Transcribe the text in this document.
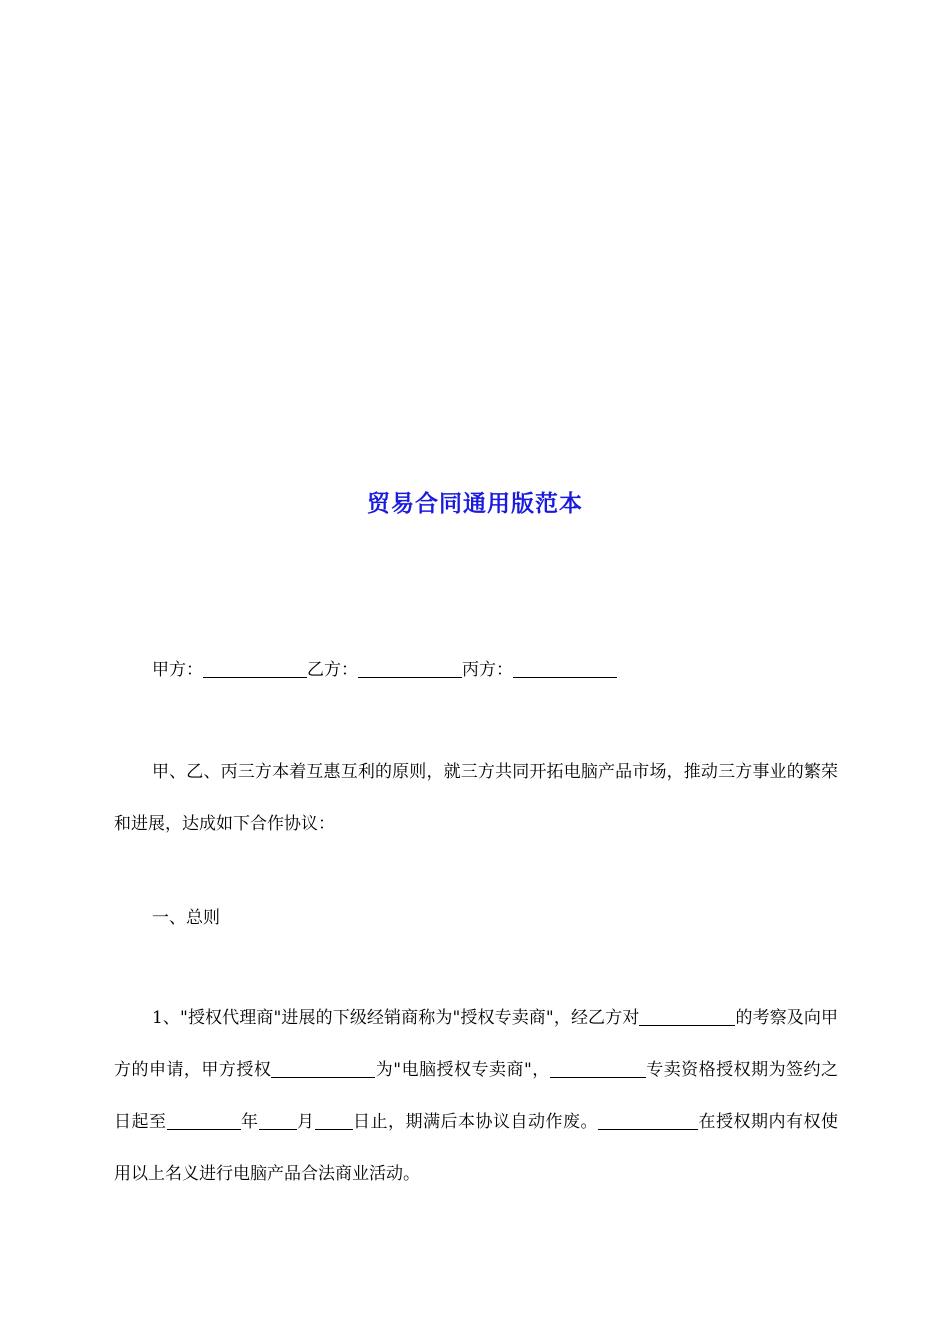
贸易合同通用版范本
甲方：	乙方：	丙方：
甲、乙、丙三方本着互惠互利的原则，就三方共同开拓电脑产品市场，推动三方事业的繁荣和进展，达成如下合作协议：
一、总则
1、"授权代理商"进展的下级经销商称为"授权专卖商"，经乙方对	的考察及向甲方的申请，甲方授权	为"电脑授权专卖商"，	专卖资格授权期为签约之日起至	年 月 日止，期满后本协议自动作废。	在授权期内有权使用以上名义进行电脑产品合法商业活动。
